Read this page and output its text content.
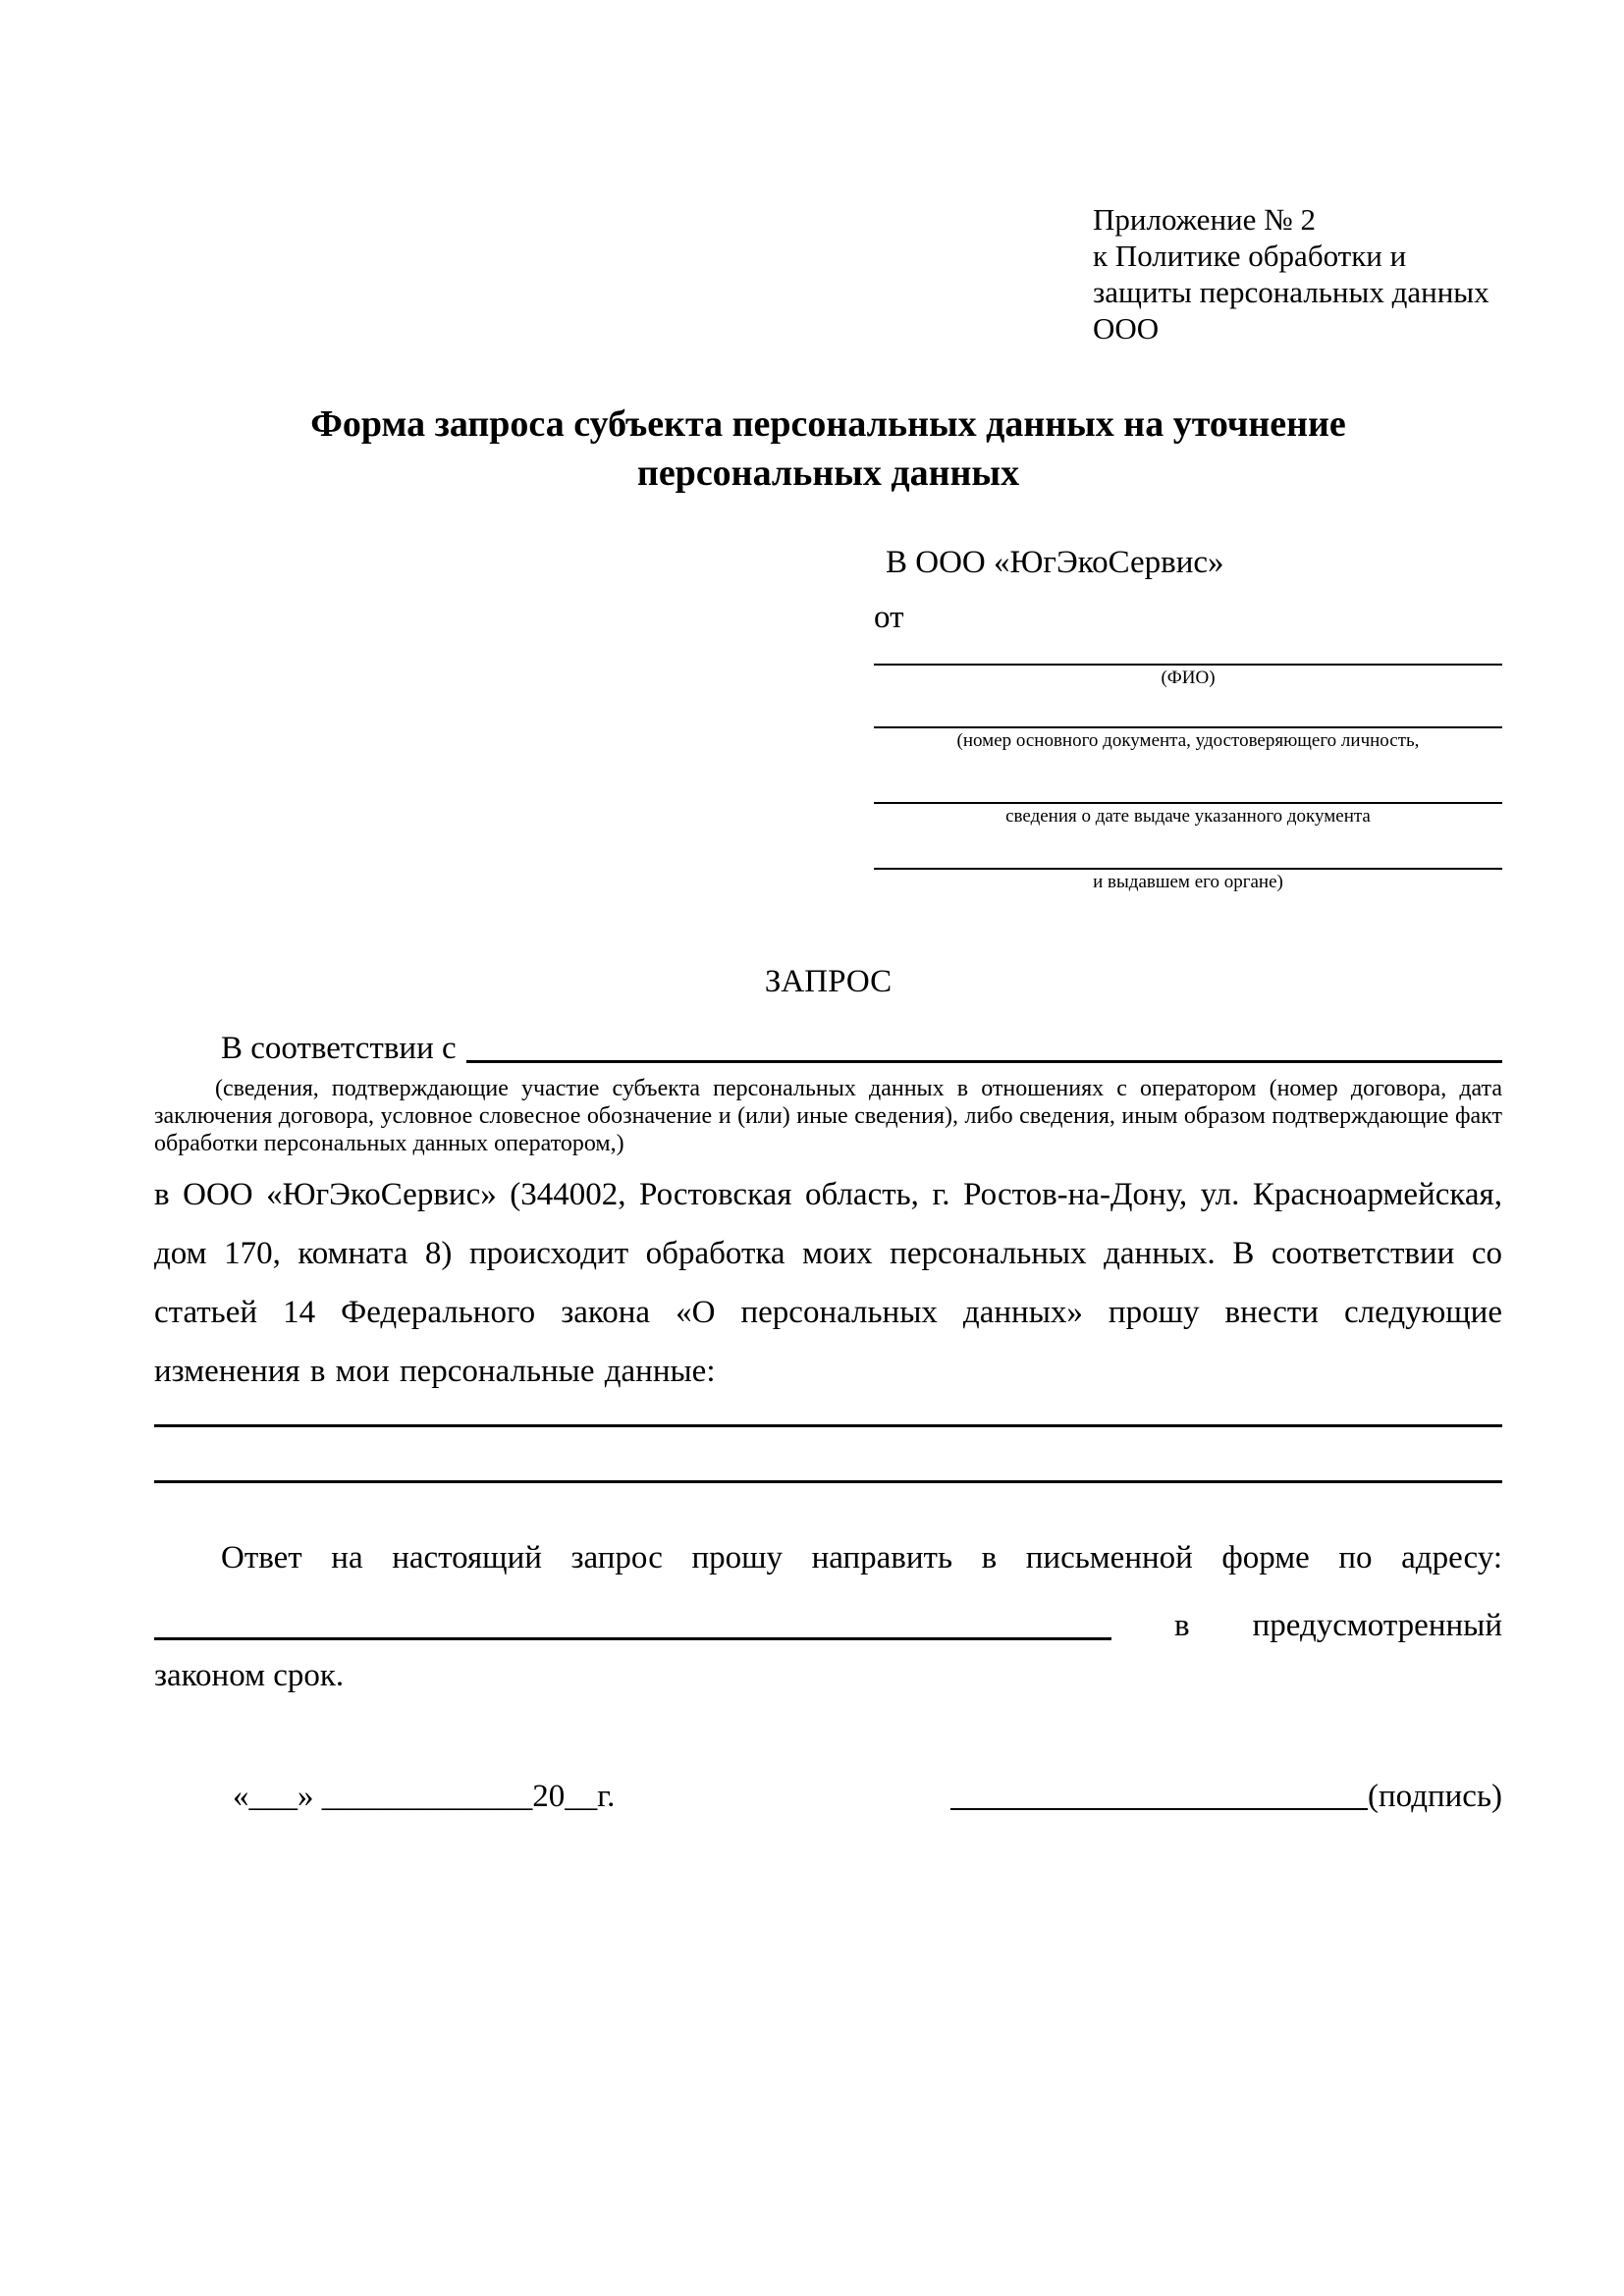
Приложение № 2
к Политике обработки и
защиты персональных данных
ООО
Форма запроса субъекта персональных данных на уточнение персональных данных
В ООО «ЮгЭкоСервис»
от
(ФИО)
(номер основного документа, удостоверяющего личность,
сведения о дате выдаче указанного документа
и выдавшем его органе)
ЗАПРОС
В соответствии с
(сведения, подтверждающие участие субъекта персональных данных в отношениях с оператором (номер договора, дата заключения договора, условное словесное обозначение и (или) иные сведения), либо сведения, иным образом подтверждающие факт обработки персональных данных оператором,)
в ООО «ЮгЭкоСервис» (344002, Ростовская область, г. Ростов-на-Дону, ул. Красноармейская, дом 170, комната 8) происходит обработка моих персональных данных. В соответствии со статьей 14 Федерального закона «О персональных данных» прошу внести следующие изменения в мои персональные данные:
Ответ на настоящий запрос прошу направить в письменной форме по адресу:
в предусмотренный
законом срок.
«___» _____________20__г.	(подпись)
